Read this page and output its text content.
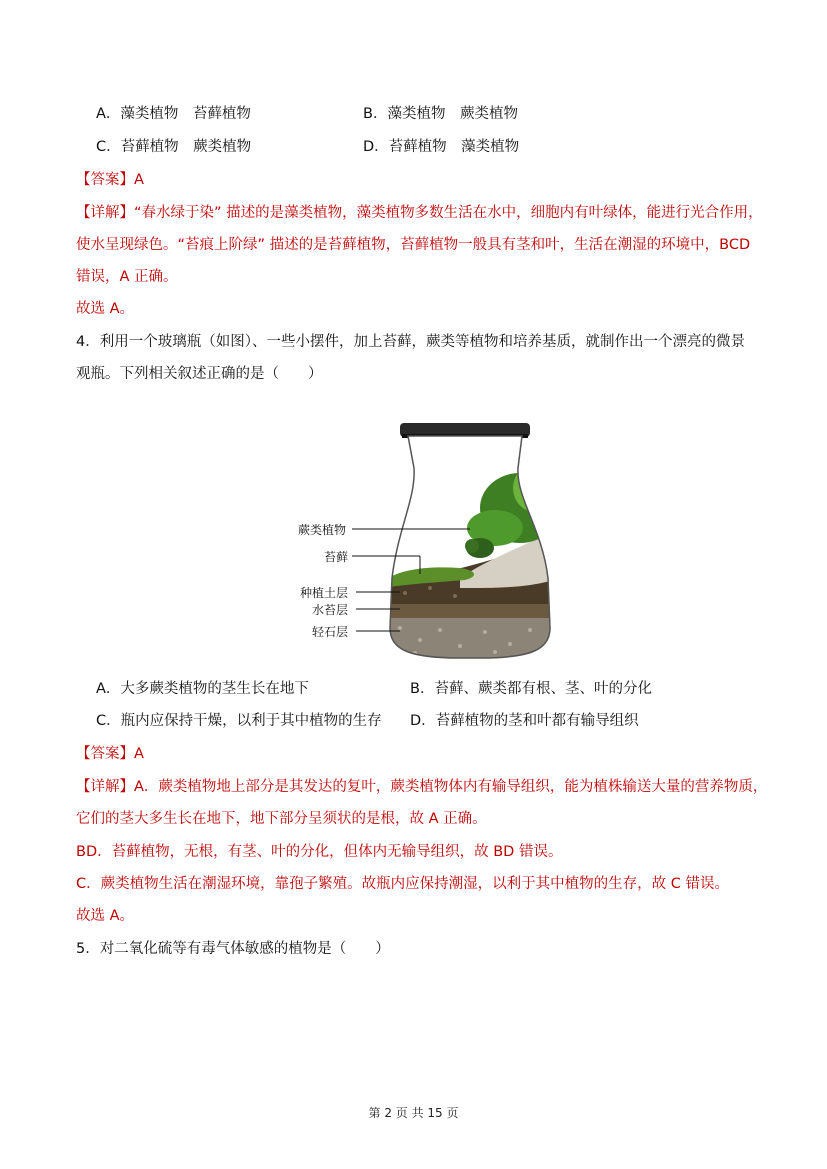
A．藻类植物　苔藓植物	B．藻类植物　蕨类植物
C．苔藓植物　蕨类植物	D．苔藓植物　藻类植物
【答案】A
【详解】“春水绿于染” 描述的是藻类植物，藻类植物多数生活在水中，细胞内有叶绿体，能进行光合作用，
使水呈现绿色。“苔痕上阶绿” 描述的是苔藓植物，苔藓植物一般具有茎和叶，生活在潮湿的环境中，BCD
错误，A 正确。
故选 A。
4．利用一个玻璃瓶（如图）、一些小摆件，加上苔藓，蕨类等植物和培养基质，就制作出一个漂亮的微景
观瓶。下列相关叙述正确的是（　　）
蕨类植物
苔藓
种植土层
水苔层
轻石层
A．大多蕨类植物的茎生长在地下	B．苔藓、蕨类都有根、茎、叶的分化
C．瓶内应保持干燥，以利于其中植物的生存 D．苔藓植物的茎和叶都有输导组织
【答案】A
【详解】A．蕨类植物地上部分是其发达的复叶，蕨类植物体内有输导组织，能为植株输送大量的营养物质，
它们的茎大多生长在地下，地下部分呈须状的是根，故 A 正确。
BD．苔藓植物，无根，有茎、叶的分化，但体内无输导组织，故 BD 错误。
C．蕨类植物生活在潮湿环境，靠孢子繁殖。故瓶内应保持潮湿，以利于其中植物的生存，故 C 错误。
故选 A。
5．对二氧化硫等有毒气体敏感的植物是（　　）
第 2 页 共 15 页
